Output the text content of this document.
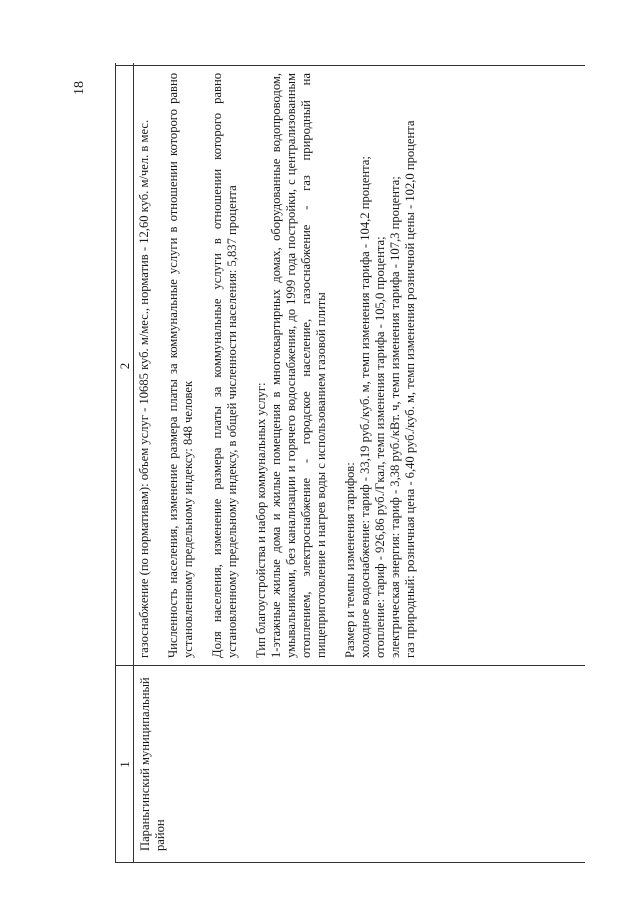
18
1
2
Параньгинский муниципальный район

газоснабжение (по нормативам): объем услуг - 10685 куб. м/мес., норматив - 12,60 куб. м/чел. в мес. Численность населения, изменение размера платы за коммунальные услуги в отношении которого равно установленному предельному индексу: 848 человек Доля населения, изменение размера платы за коммунальные услуги в отношении которого равно установленному предельному индексу, в общей численности населения: 5,837 процента Тип благоустройства и набор коммунальных услуг:
1-этажные жилые дома и жилые помещения в многоквартирных домах, оборудованные водопроводом, умывальниками, без канализации и горячего водоснабжения, до 1999 года постройки, с централизованным отоплением, электроснабжение - городское население, газоснабжение - газ природный на пищеприготовление и нагрев воды с использованием газовой плиты

Размер и темпы изменения тарифов:
холодное водоснабжение: тариф - 33,19 руб./куб. м, темп изменения тарифа - 104,2 процента;
отопление: тариф - 926,86 руб./Гкал, темп изменения тарифа - 105,0 процента;
электрическая энергия: тариф - 3,38 руб./кВт. ч, темп изменения тарифа - 107,3 процента;
газ природный: розничная цена - 6,40 руб./куб. м, темп изменения розничной цены - 102,0 процента
